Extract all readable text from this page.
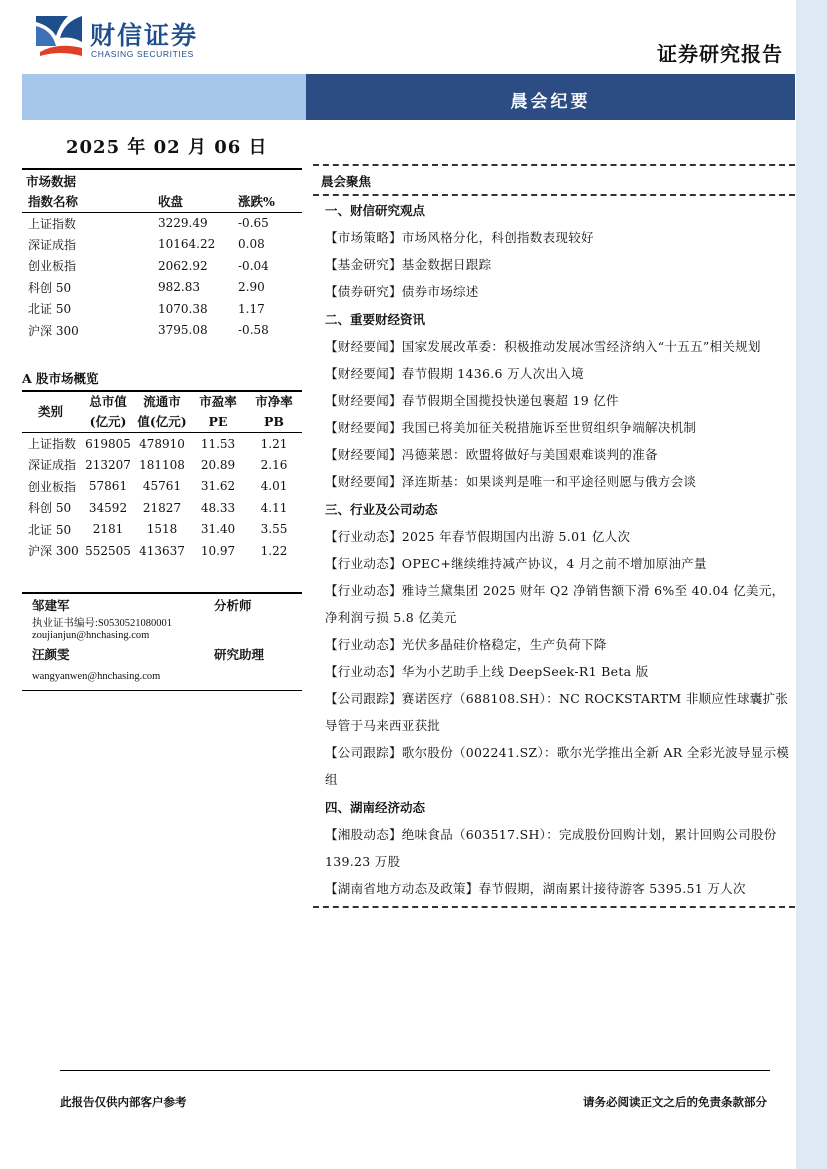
财信证券
CHASING SECURITIES	证券研究报告
晨会纪要
2025 年 02 月 06 日
市场数据
指数名称	收盘	涨跌%
上证指数	3229.49	-0.65
深证成指	10164.22	0.08
创业板指	2062.92	-0.04
科创 50	982.83	2.90
北证 50	1070.38	1.17
沪深 300	3795.08	-0.58
A 股市场概览
类别	总市值	流通市	市盈率	市净率
	(亿元)	值(亿元)	PE	PB
上证指数	619805	478910	11.53	1.21
深证成指	213207	181108	20.89	2.16
创业板指	57861	45761	31.62	4.01
科创 50	34592	21827	48.33	4.11
北证 50	2181	1518	31.40	3.55
沪深 300	552505	413637	10.97	1.22
邹建军	分析师
执业证书编号:S0530521080001
zoujianjun@hnchasing.com
汪颜雯	研究助理
wangyanwen@hnchasing.com
晨会聚焦
一、财信研究观点
【市场策略】市场风格分化，科创指数表现较好
【基金研究】基金数据日跟踪
【债券研究】债券市场综述
二、重要财经资讯
【财经要闻】国家发展改革委：积极推动发展冰雪经济纳入“十五五”相关规划
【财经要闻】春节假期 1436.6 万人次出入境
【财经要闻】春节假期全国揽投快递包裹超 19 亿件
【财经要闻】我国已将美加征关税措施诉至世贸组织争端解决机制
【财经要闻】冯德莱恩：欧盟将做好与美国艰难谈判的准备
【财经要闻】泽连斯基：如果谈判是唯一和平途径则愿与俄方会谈
三、行业及公司动态
【行业动态】2025 年春节假期国内出游 5.01 亿人次
【行业动态】OPEC+继续维持减产协议，4 月之前不增加原油产量
【行业动态】雅诗兰黛集团 2025 财年 Q2 净销售额下滑 6%至 40.04 亿美元，净利润亏损 5.8 亿美元
【行业动态】光伏多晶硅价格稳定，生产负荷下降
【行业动态】华为小艺助手上线 DeepSeek-R1 Beta 版
【公司跟踪】赛诺医疗（688108.SH）：NC ROCKSTARTM 非顺应性球囊扩张导管于马来西亚获批
【公司跟踪】歌尔股份（002241.SZ）：歌尔光学推出全新 AR 全彩光波导显示模组
四、湖南经济动态
【湘股动态】绝味食品（603517.SH）：完成股份回购计划，累计回购公司股份 139.23 万股
【湖南省地方动态及政策】春节假期，湖南累计接待游客 5395.51 万人次
此报告仅供内部客户参考	请务必阅读正文之后的免责条款部分
